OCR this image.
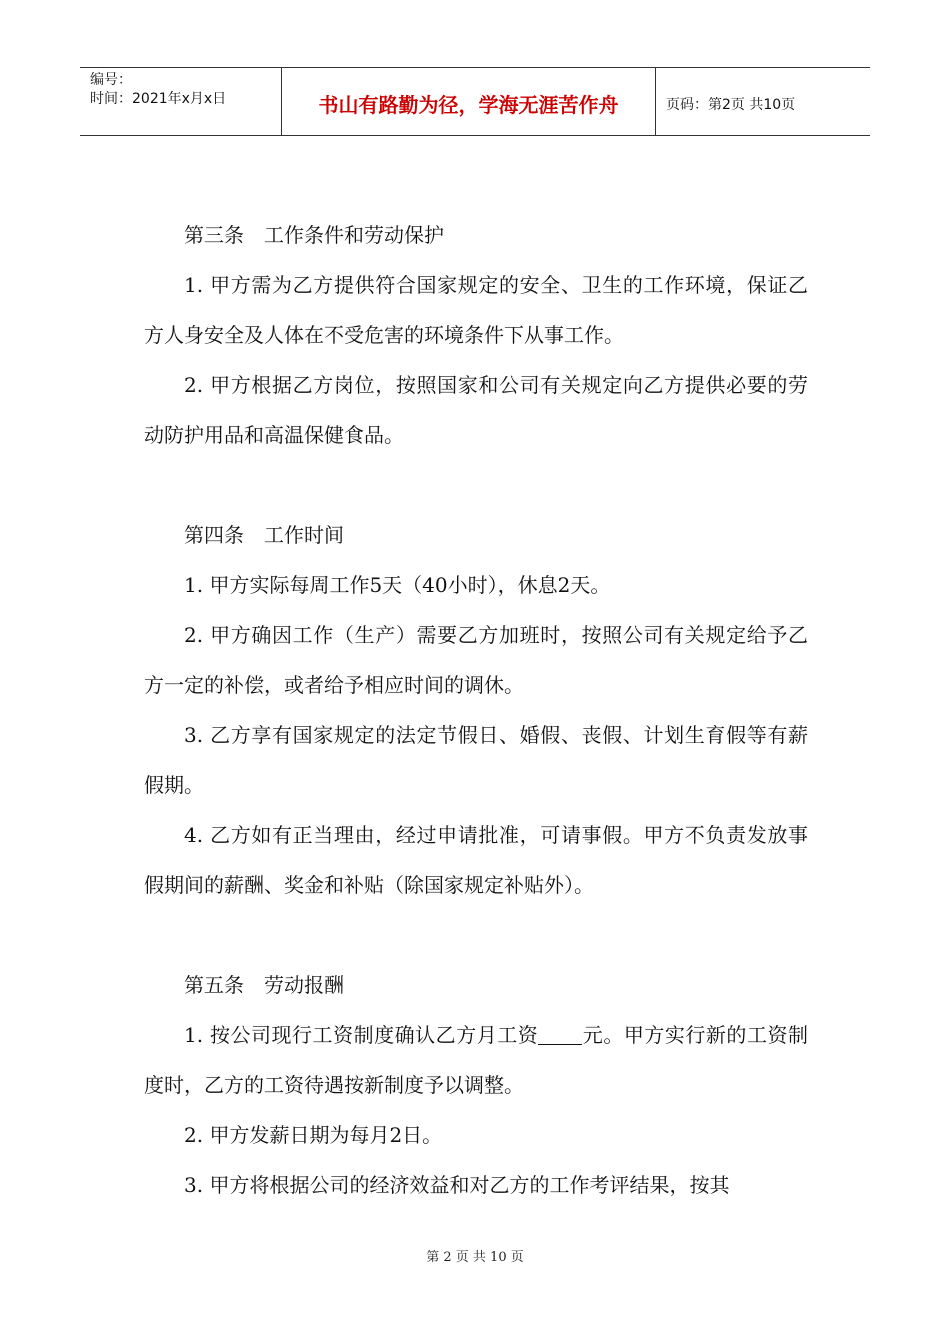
编号：
时间：2021年x月x日	书山有路勤为径，学海无涯苦作舟	页码：第2页 共10页

第三条　工作条件和劳动保护

1. 甲方需为乙方提供符合国家规定的安全、卫生的工作环境，保证乙方人身安全及人体在不受危害的环境条件下从事工作。

2. 甲方根据乙方岗位，按照国家和公司有关规定向乙方提供必要的劳动防护用品和高温保健食品。

第四条　工作时间

1. 甲方实际每周工作5天（40小时），休息2天。

2. 甲方确因工作（生产）需要乙方加班时，按照公司有关规定给予乙方一定的补偿，或者给予相应时间的调休。

3. 乙方享有国家规定的法定节假日、婚假、丧假、计划生育假等有薪假期。

4. 乙方如有正当理由，经过申请批准，可请事假。甲方不负责发放事假期间的薪酬、奖金和补贴（除国家规定补贴外）。

第五条　劳动报酬

1. 按公司现行工资制度确认乙方月工资 元。甲方实行新的工资制度时，乙方的工资待遇按新制度予以调整。

2. 甲方发薪日期为每月2日。

3. 甲方将根据公司的经济效益和对乙方的工作考评结果，按其

第 2 页 共 10 页
